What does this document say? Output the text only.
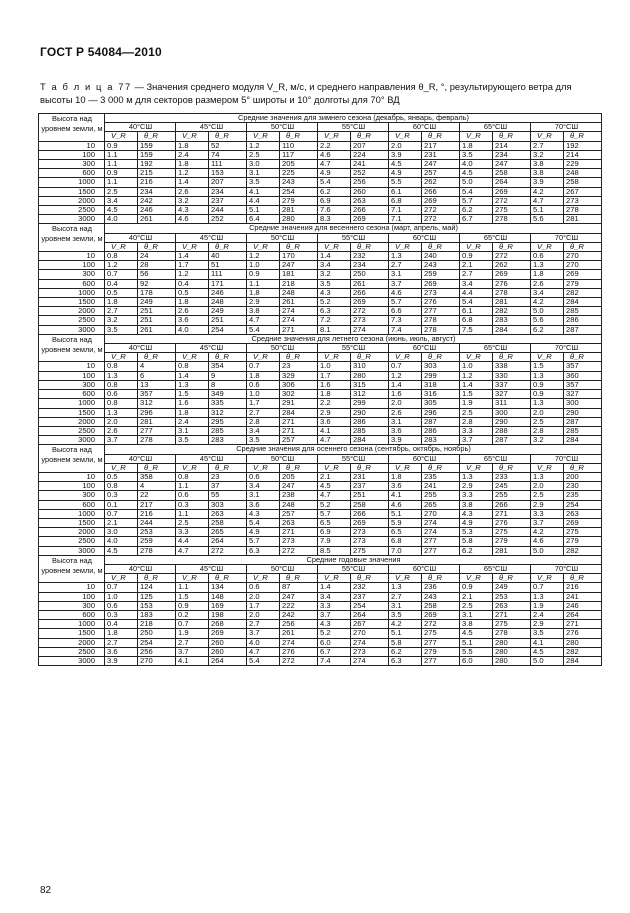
ГОСТ Р 54084—2010
Т а б л и ц а 77 — Значения среднего модуля V_R, м/с, и среднего направления θ_R, °, результирующего ветра для высоты 10 — 3 000 м для секторов размером 5° широты и 10° долготы для 70° ВД
Высота над уровнем земли, м	Средние значения для зимнего сезона (декабрь, январь, февраль)													
	40°СШ		45°СШ		50°СШ		55°СШ		60°СШ		65°СШ		70°СШ	
	V_R	θ_R	V_R	θ_R	V_R	θ_R	V_R	θ_R	V_R	θ_R	V_R	θ_R	V_R	θ_R
10	0.9	159	1.8	52	1.2	110	2.2	207	2.0	217	1.8	214	2.7	192
100	1.1	159	2.4	74	2.5	117	4.6	224	3.9	231	3.5	234	3.2	214
300	1.1	192	1.8	111	3.0	205	4.7	241	4.5	247	4.0	247	3.8	229
600	0.9	215	1.2	153	3.1	225	4.9	252	4.9	257	4.5	258	3.8	248
1000	1.1	216	1.4	207	3.5	243	5.4	256	5.5	262	5.0	264	3.9	258
1500	2.5	234	2.6	234	4.1	254	6.2	260	6.1	266	5.4	269	4.2	267
2000	3.4	242	3.2	237	4.4	279	6.9	263	6.8	269	5.7	272	4.7	273
2500	4.5	246	4.3	244	5.1	281	7.6	266	7.1	272	6.2	275	5.1	278
3000	4.0	261	4.6	252	6.4	280	8.3	269	7.1	272	6.7	278	5.6	281
Высота над уровнем земли, м	Средние значения для весеннего сезона (март, апрель, май)													
	40°СШ		45°СШ		50°СШ		55°СШ		60°СШ		65°СШ		70°СШ	
	V_R	θ_R	V_R	θ_R	V_R	θ_R	V_R	θ_R	V_R	θ_R	V_R	θ_R	V_R	θ_R
10	0.8	24	1.4	40	1.2	170	1.4	232	1.3	240	0.9	272	0.6	270
100	1.2	28	1.7	51	1.0	247	3.4	234	2.7	243	2.1	262	1.3	270
300	0.7	56	1.2	111	0.9	181	3.2	250	3.1	259	2.7	269	1.8	269
600	0.4	92	0.4	171	1.1	218	3.5	261	3.7	269	3.4	276	2.6	279
1000	0.5	178	0.5	246	1.8	248	4.3	266	4.6	273	4.4	278	3.4	282
1500	1.8	249	1.8	248	2.9	261	5.2	269	5.7	276	5.4	281	4.2	284
2000	2.7	251	2.6	249	3.8	274	6.3	272	6.6	277	6.1	282	5.0	285
2500	3.2	251	3.6	251	4.7	274	7.2	273	7.3	278	6.8	283	5.6	286
3000	3.5	261	4.0	254	5.4	271	8.1	274	7.4	278	7.5	284	6.2	287
Высота над уровнем земли, м	Средние значения для летнего сезона (июнь, июль, август)													
	40°СШ		45°СШ		50°СШ		55°СШ		60°СШ		65°СШ		70°СШ	
	V_R	θ_R	V_R	θ_R	V_R	θ_R	V_R	θ_R	V_R	θ_R	V_R	θ_R	V_R	θ_R
10	0.8	4	0.8	354	0.7	23	1.0	310	0.7	303	1.0	338	1.5	357
100	1.3	6	1.4	9	1.8	329	1.7	280	1.2	299	1.2	330	1.3	360
300	0.8	13	1.3	8	0.6	306	1.6	315	1.4	318	1.4	337	0.9	357
600	0.6	357	1.5	349	1.0	302	1.8	312	1.6	316	1.5	327	0.9	327
1000	0.8	312	1.6	335	1.7	291	2.2	299	2.0	305	1.9	311	1.3	300
1500	1.3	296	1.8	312	2.7	284	2.9	290	2.6	296	2.5	300	2.0	290
2000	2.0	281	2.4	295	2.8	271	3.6	286	3.1	287	2.8	290	2.5	287
2500	2.6	277	3.1	285	3.4	271	4.1	285	3.6	286	3.3	288	2.8	285
3000	3.7	278	3.5	283	3.5	257	4.7	284	3.9	283	3.7	287	3.2	284
Высота над уровнем земли, м	Средние значения для осеннего сезона (сентябрь, октябрь, ноябрь)													
	40°СШ		45°СШ		50°СШ		55°СШ		60°СШ		65°СШ		70°СШ	
	V_R	θ_R	V_R	θ_R	V_R	θ_R	V_R	θ_R	V_R	θ_R	V_R	θ_R	V_R	θ_R
10	0.5	358	0.8	23	0.6	205	2.1	231	1.8	235	1.3	233	1.3	200
100	0.8	4	1.1	37	3.4	247	4.5	237	3.6	241	2.9	245	2.0	230
300	0.3	22	0.6	55	3.1	238	4.7	251	4.1	255	3.3	255	2.5	235
600	0.1	217	0.3	303	3.6	248	5.2	258	4.6	265	3.8	266	2.9	254
1000	0.7	216	1.1	263	4.3	257	5.7	266	5.1	270	4.3	271	3.3	263
1500	2.1	244	2.5	258	5.4	263	6.5	269	5.9	274	4.9	276	3.7	269
2000	3.0	253	3.3	265	4.9	271	6.9	273	6.5	274	5.3	275	4.2	275
2500	4.0	259	4.4	264	5.7	273	7.9	273	6.8	277	5.8	279	4.6	279
3000	4.5	278	4.7	272	6.3	272	8.5	275	7.0	277	6.2	281	5.0	282
Высота над уровнем земли, м	Средние годовые значения													
	40°СШ		45°СШ		50°СШ		55°СШ		60°СШ		65°СШ		70°СШ	
	V_R	θ_R	V_R	θ_R	V_R	θ_R	V_R	θ_R	V_R	θ_R	V_R	θ_R	V_R	θ_R
10	0.7	124	1.1	134	0.6	87	1.4	232	1.3	236	0.9	249	0.7	216
100	1.0	125	1.5	148	2.0	247	3.4	237	2.7	243	2.1	253	1.3	241
300	0.6	153	0.9	169	1.7	222	3.3	254	3.1	258	2.5	263	1.9	246
600	0.3	183	0.2	198	2.0	242	3.7	264	3.5	269	3.1	271	2.4	264
1000	0.4	218	0.7	268	2.7	256	4.3	267	4.2	272	3.8	275	2.9	271
1500	1.8	250	1.9	269	3.7	261	5.2	270	5.1	275	4.5	278	3.5	276
2000	2.7	254	2.7	260	4.0	274	6.0	274	5.8	277	5.1	280	4.1	280
2500	3.6	256	3.7	260	4.7	276	6.7	273	6.2	279	5.5	280	4.5	282
3000	3.9	270	4.1	264	5.4	272	7.4	274	6.3	277	6.0	280	5.0	284
82
